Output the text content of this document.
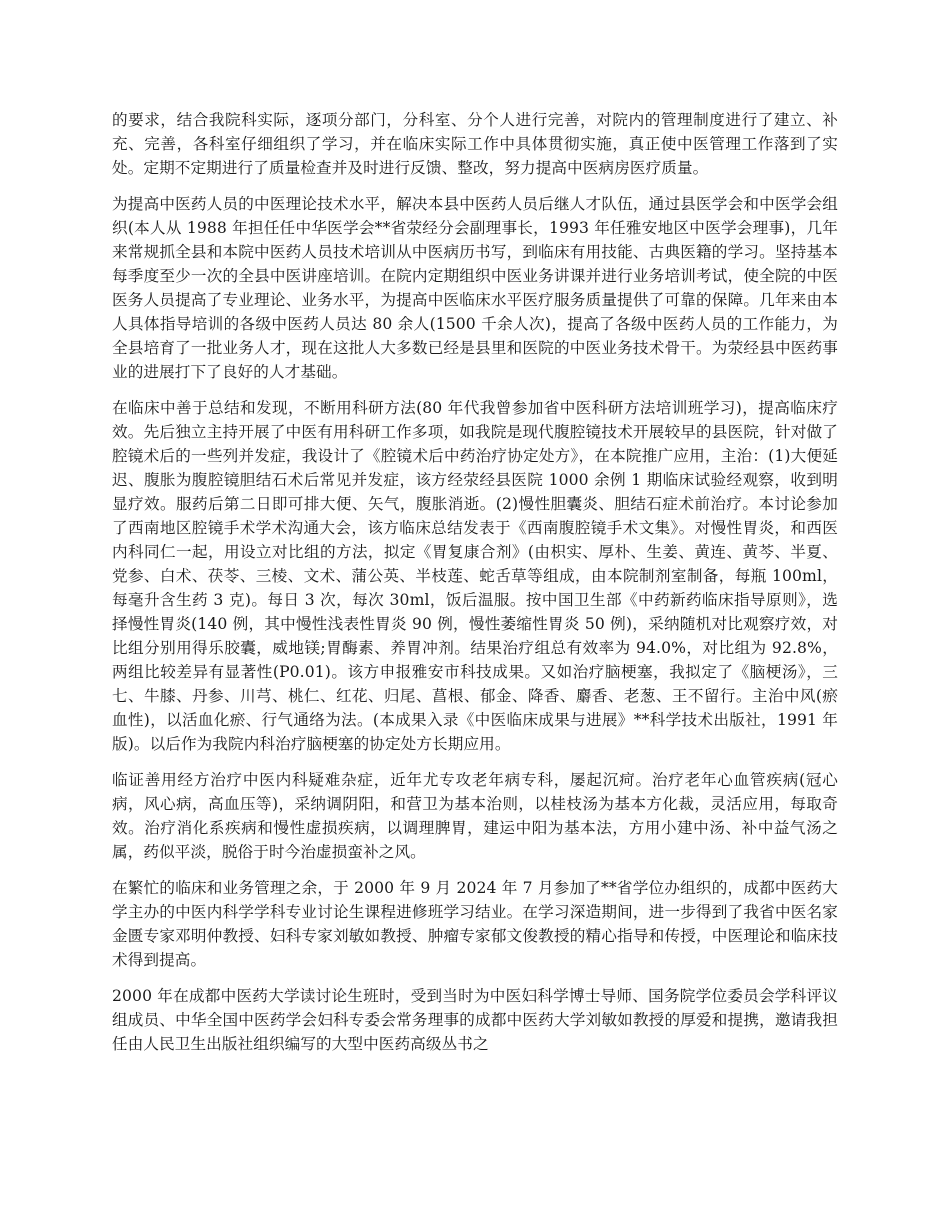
的要求，结合我院科实际，逐项分部门，分科室、分个人进行完善，对院内的管理制度进行了建立、补充、完善，各科室仔细组织了学习，并在临床实际工作中具体贯彻实施，真正使中医管理工作落到了实处。定期不定期进行了质量检查并及时进行反馈、整改，努力提高中医病房医疗质量。

为提高中医药人员的中医理论技术水平，解决本县中医药人员后继人才队伍，通过县医学会和中医学会组织(本人从 1988 年担任任中华医学会**省荥经分会副理事长，1993 年任雅安地区中医学会理事)，几年来常规抓全县和本院中医药人员技术培训从中医病历书写，到临床有用技能、古典医籍的学习。坚持基本每季度至少一次的全县中医讲座培训。在院内定期组织中医业务讲课并进行业务培训考试，使全院的中医医务人员提高了专业理论、业务水平，为提高中医临床水平医疗服务质量提供了可靠的保障。几年来由本人具体指导培训的各级中医药人员达 80 余人(1500 千余人次)，提高了各级中医药人员的工作能力，为全县培育了一批业务人才，现在这批人大多数已经是县里和医院的中医业务技术骨干。为荥经县中医药事业的进展打下了良好的人才基础。

在临床中善于总结和发现，不断用科研方法(80 年代我曾参加省中医科研方法培训班学习)，提高临床疗效。先后独立主持开展了中医有用科研工作多项，如我院是现代腹腔镜技术开展较早的县医院，针对做了腔镜术后的一些列并发症，我设计了《腔镜术后中药治疗协定处方》，在本院推广应用，主治：(1)大便延迟、腹胀为腹腔镜胆结石术后常见并发症，该方经荥经县医院 1000 余例 1 期临床试验经观察，收到明显疗效。服药后第二日即可排大便、矢气，腹胀消逝。(2)慢性胆囊炎、胆结石症术前治疗。本讨论参加了西南地区腔镜手术学术沟通大会，该方临床总结发表于《西南腹腔镜手术文集》。对慢性胃炎，和西医内科同仁一起，用设立对比组的方法，拟定《胃复康合剂》(由枳实、厚朴、生姜、黄连、黄芩、半夏、党参、白术、茯苓、三棱、文术、蒲公英、半枝莲、蛇舌草等组成，由本院制剂室制备，每瓶 100ml，每毫升含生药 3 克)。每日 3 次，每次 30ml，饭后温服。按中国卫生部《中药新药临床指导原则》，选择慢性胃炎(140 例，其中慢性浅表性胃炎 90 例，慢性萎缩性胃炎 50 例)，采纳随机对比观察疗效，对比组分别用得乐胶囊，威地镁;胃酶素、养胃冲剂。结果治疗组总有效率为 94.0%，对比组为 92.8%，两组比较差异有显著性(P0.01)。该方申报雅安市科技成果。又如治疗脑梗塞，我拟定了《脑梗汤》，三七、牛膝、丹参、川芎、桃仁、红花、归尾、菖根、郁金、降香、麝香、老葱、王不留行。主治中风(瘀血性)，以活血化瘀、行气通络为法。(本成果入录《中医临床成果与进展》**科学技术出版社，1991 年版)。以后作为我院内科治疗脑梗塞的协定处方长期应用。

临证善用经方治疗中医内科疑难杂症，近年尤专攻老年病专科，屡起沉疴。治疗老年心血管疾病(冠心病，风心病，高血压等)，采纳调阴阳，和营卫为基本治则，以桂枝汤为基本方化裁，灵活应用，每取奇效。治疗消化系疾病和慢性虚损疾病，以调理脾胃，建运中阳为基本法，方用小建中汤、补中益气汤之属，药似平淡，脱俗于时今治虚损蛮补之风。

在繁忙的临床和业务管理之余，于 2000 年 9 月 2024 年 7 月参加了**省学位办组织的，成都中医药大学主办的中医内科学学科专业讨论生课程进修班学习结业。在学习深造期间，进一步得到了我省中医名家金匮专家邓明仲教授、妇科专家刘敏如教授、肿瘤专家郁文俊教授的精心指导和传授，中医理论和临床技术得到提高。

2000 年在成都中医药大学读讨论生班时，受到当时为中医妇科学博士导师、国务院学位委员会学科评议组成员、中华全国中医药学会妇科专委会常务理事的成都中医药大学刘敏如教授的厚爱和提携，邀请我担任由人民卫生出版社组织编写的大型中医药高级丛书之
